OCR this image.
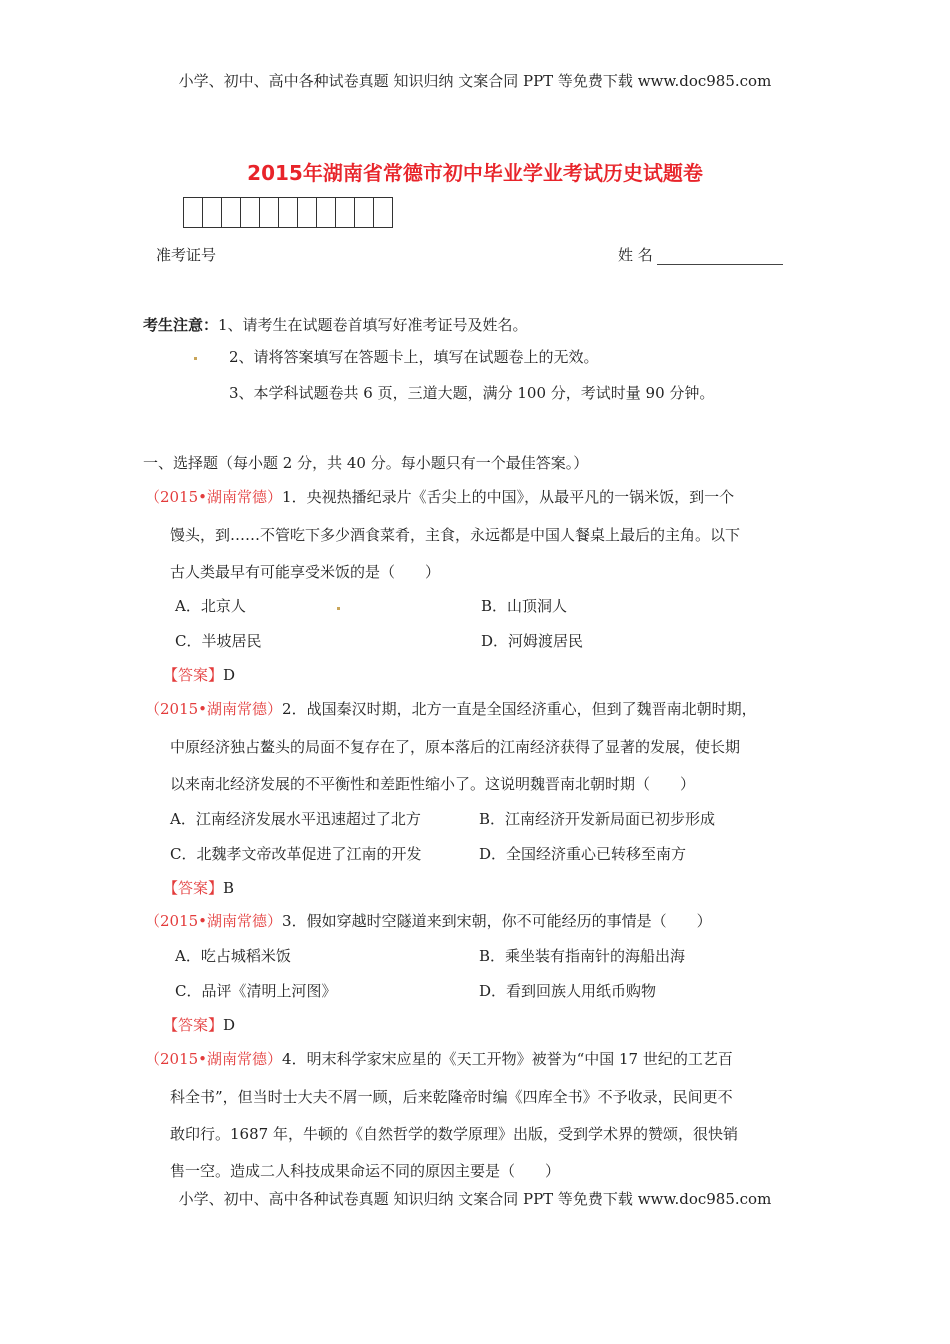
小学、初中、高中各种试卷真题 知识归纳 文案合同 PPT 等免费下载 www.doc985.com
2015年湖南省常德市初中毕业学业考试历史试题卷
准考证号	姓 名
考生注意：1、请考生在试题卷首填写好准考证号及姓名。
2、请将答案填写在答题卡上，填写在试题卷上的无效。
3、本学科试题卷共 6 页，三道大题，满分 100 分，考试时量 90 分钟。
一、选择题（每小题 2 分，共 40 分。每小题只有一个最佳答案。）
（2015•湖南常德）1．央视热播纪录片《舌尖上的中国》，从最平凡的一锅米饭，到一个
馒头，到……不管吃下多少酒食菜肴，主食，永远都是中国人餐桌上最后的主角。以下
古人类最早有可能享受米饭的是（　　）
A．北京人	B．山顶洞人
C．半坡居民	D．河姆渡居民
【答案】D
（2015•湖南常德）2．战国秦汉时期，北方一直是全国经济重心，但到了魏晋南北朝时期，
中原经济独占鳌头的局面不复存在了，原本落后的江南经济获得了显著的发展，使长期
以来南北经济发展的不平衡性和差距性缩小了。这说明魏晋南北朝时期（　　）
A．江南经济发展水平迅速超过了北方	B．江南经济开发新局面已初步形成
C．北魏孝文帝改革促进了江南的开发	D．全国经济重心已转移至南方
【答案】B
（2015•湖南常德）3．假如穿越时空隧道来到宋朝，你不可能经历的事情是（　　）
A．吃占城稻米饭	B．乘坐装有指南针的海船出海
C．品评《清明上河图》	D．看到回族人用纸币购物
【答案】D
（2015•湖南常德）4．明末科学家宋应星的《天工开物》被誉为“中国 17 世纪的工艺百
科全书”，但当时士大夫不屑一顾，后来乾隆帝时编《四库全书》不予收录，民间更不
敢印行。1687 年，牛顿的《自然哲学的数学原理》出版，受到学术界的赞颂，很快销
售一空。造成二人科技成果命运不同的原因主要是（　　）
小学、初中、高中各种试卷真题 知识归纳 文案合同 PPT 等免费下载 www.doc985.com
